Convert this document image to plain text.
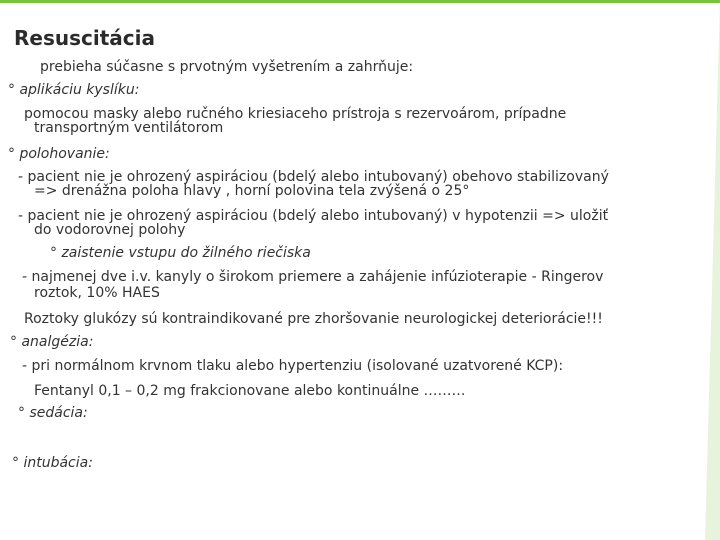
Resuscitácia
prebieha súčasne s prvotným vyšetrením a zahrňuje:
° aplikáciu kyslíku:
pomocou masky alebo ručného kriesiaceho prístroja s rezervoárom, prípadne
transportným ventilátorom
° polohovanie:
- pacient nie je ohrozený aspiráciou (bdelý alebo intubovaný) obehovo stabilizovaný
=> drenážna poloha hlavy , horní polovina tela zvýšená o 25°
- pacient nie je ohrozený aspiráciou (bdelý alebo intubovaný) v hypotenzii => uložiť
do vodorovnej polohy
° zaistenie vstupu do žilného riečiska
- najmenej dve i.v. kanyly o širokom priemere a zahájenie infúzioterapie - Ringerov
roztok, 10% HAES
Roztoky glukózy sú kontraindikované pre zhoršovanie neurologickej deteriorácie!!!
° analgézia:
- pri normálnom krvnom tlaku alebo hypertenziu (isolované uzatvorené KCP):
Fentanyl 0,1 – 0,2 mg frakcionovane alebo kontinuálne ………
° sedácia:
° intubácia:
